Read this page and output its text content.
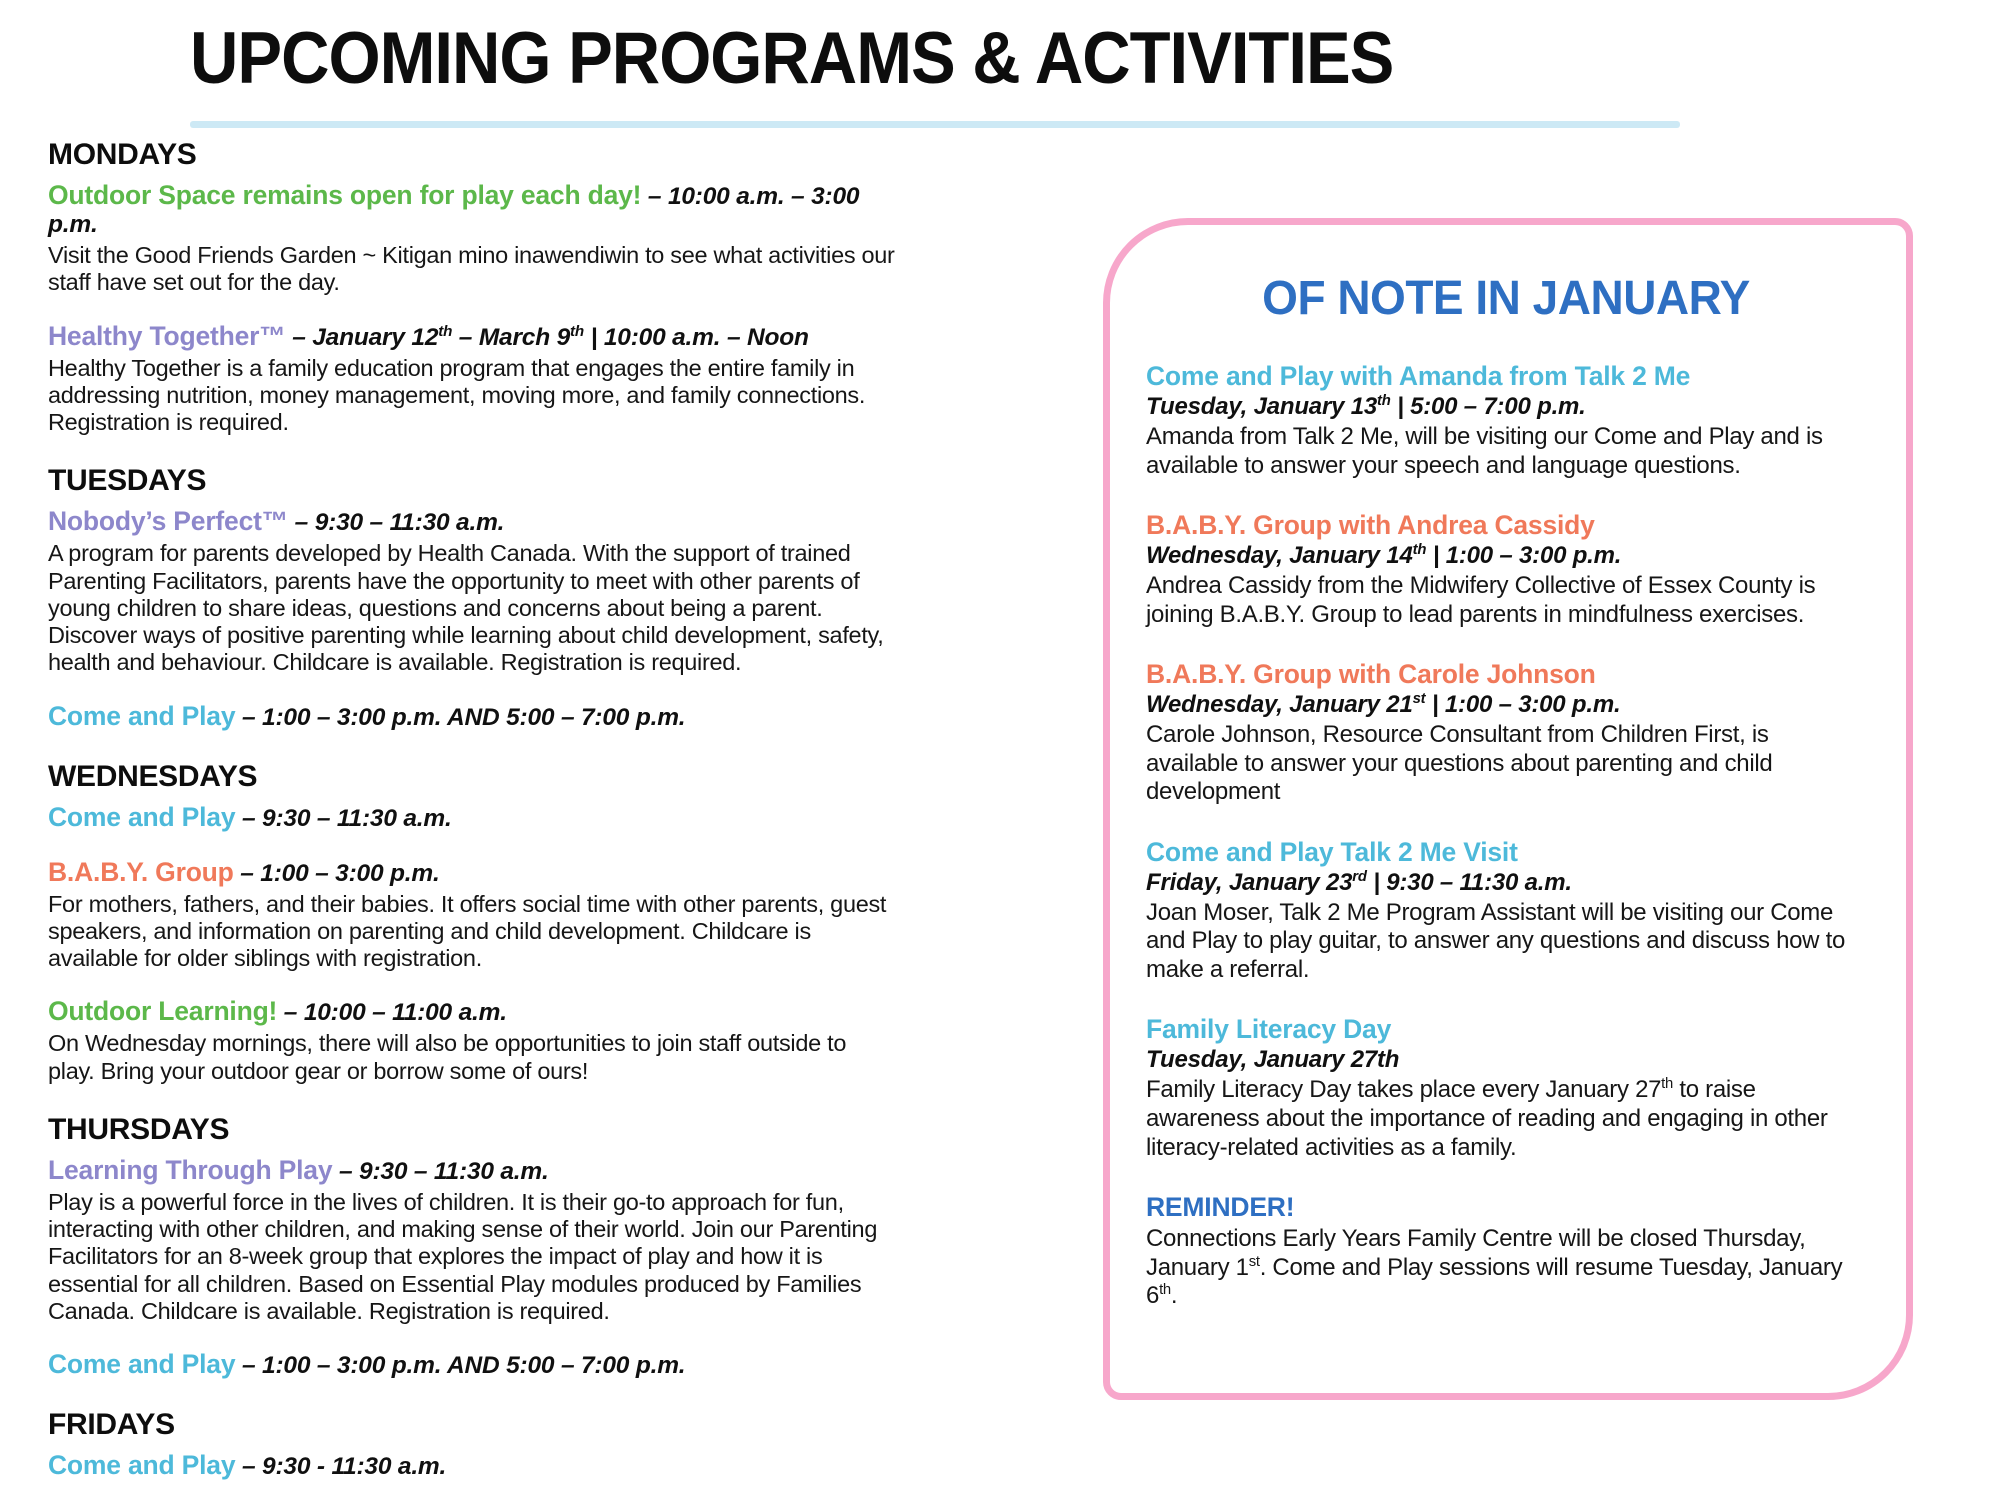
UPCOMING PROGRAMS & ACTIVITIES
MONDAYS

Outdoor Space remains open for play each day! – 10:00 a.m. – 3:00 p.m.

Visit the Good Friends Garden ~ Kitigan mino inawendiwin to see what activities our staff have set out for the day.

Healthy Together™ – January 12th – March 9th | 10:00 a.m. – Noon

Healthy Together is a family education program that engages the entire family in addressing nutrition, money management, moving more, and family connections. Registration is required.

TUESDAYS

Nobody’s Perfect™ – 9:30 – 11:30 a.m.

A program for parents developed by Health Canada. With the support of trained Parenting Facilitators, parents have the opportunity to meet with other parents of young children to share ideas, questions and concerns about being a parent. Discover ways of positive parenting while learning about child development, safety, health and behaviour. Childcare is available. Registration is required.

Come and Play – 1:00 – 3:00 p.m. AND 5:00 – 7:00 p.m.

WEDNESDAYS

Come and Play – 9:30 – 11:30 a.m.

B.A.B.Y. Group – 1:00 – 3:00 p.m.

For mothers, fathers, and their babies. It offers social time with other parents, guest speakers, and information on parenting and child development. Childcare is available for older siblings with registration.

Outdoor Learning! – 10:00 – 11:00 a.m.

On Wednesday mornings, there will also be opportunities to join staff outside to play. Bring your outdoor gear or borrow some of ours!

THURSDAYS

Learning Through Play – 9:30 – 11:30 a.m.

Play is a powerful force in the lives of children. It is their go-to approach for fun, interacting with other children, and making sense of their world. Join our Parenting Facilitators for an 8-week group that explores the impact of play and how it is essential for all children. Based on Essential Play modules produced by Families Canada. Childcare is available. Registration is required.

Come and Play – 1:00 – 3:00 p.m. AND 5:00 – 7:00 p.m.

FRIDAYS

Come and Play – 9:30 - 11:30 a.m.

OF NOTE IN JANUARY

Come and Play with Amanda from Talk 2 Me

Tuesday, January 13th | 5:00 – 7:00 p.m.

Amanda from Talk 2 Me, will be visiting our Come and Play and is available to answer your speech and language questions.

B.A.B.Y. Group with Andrea Cassidy

Wednesday, January 14th | 1:00 – 3:00 p.m.

Andrea Cassidy from the Midwifery Collective of Essex County is joining B.A.B.Y. Group to lead parents in mindfulness exercises.

B.A.B.Y. Group with Carole Johnson

Wednesday, January 21st | 1:00 – 3:00 p.m.

Carole Johnson, Resource Consultant from Children First, is available to answer your questions about parenting and child development

Come and Play Talk 2 Me Visit

Friday, January 23rd | 9:30 – 11:30 a.m.

Joan Moser, Talk 2 Me Program Assistant will be visiting our Come and Play to play guitar, to answer any questions and discuss how to make a referral.

Family Literacy Day

Tuesday, January 27th

Family Literacy Day takes place every January 27th to raise awareness about the importance of reading and engaging in other literacy-related activities as a family.

REMINDER!

Connections Early Years Family Centre will be closed Thursday, January 1st. Come and Play sessions will resume Tuesday, January 6th.
